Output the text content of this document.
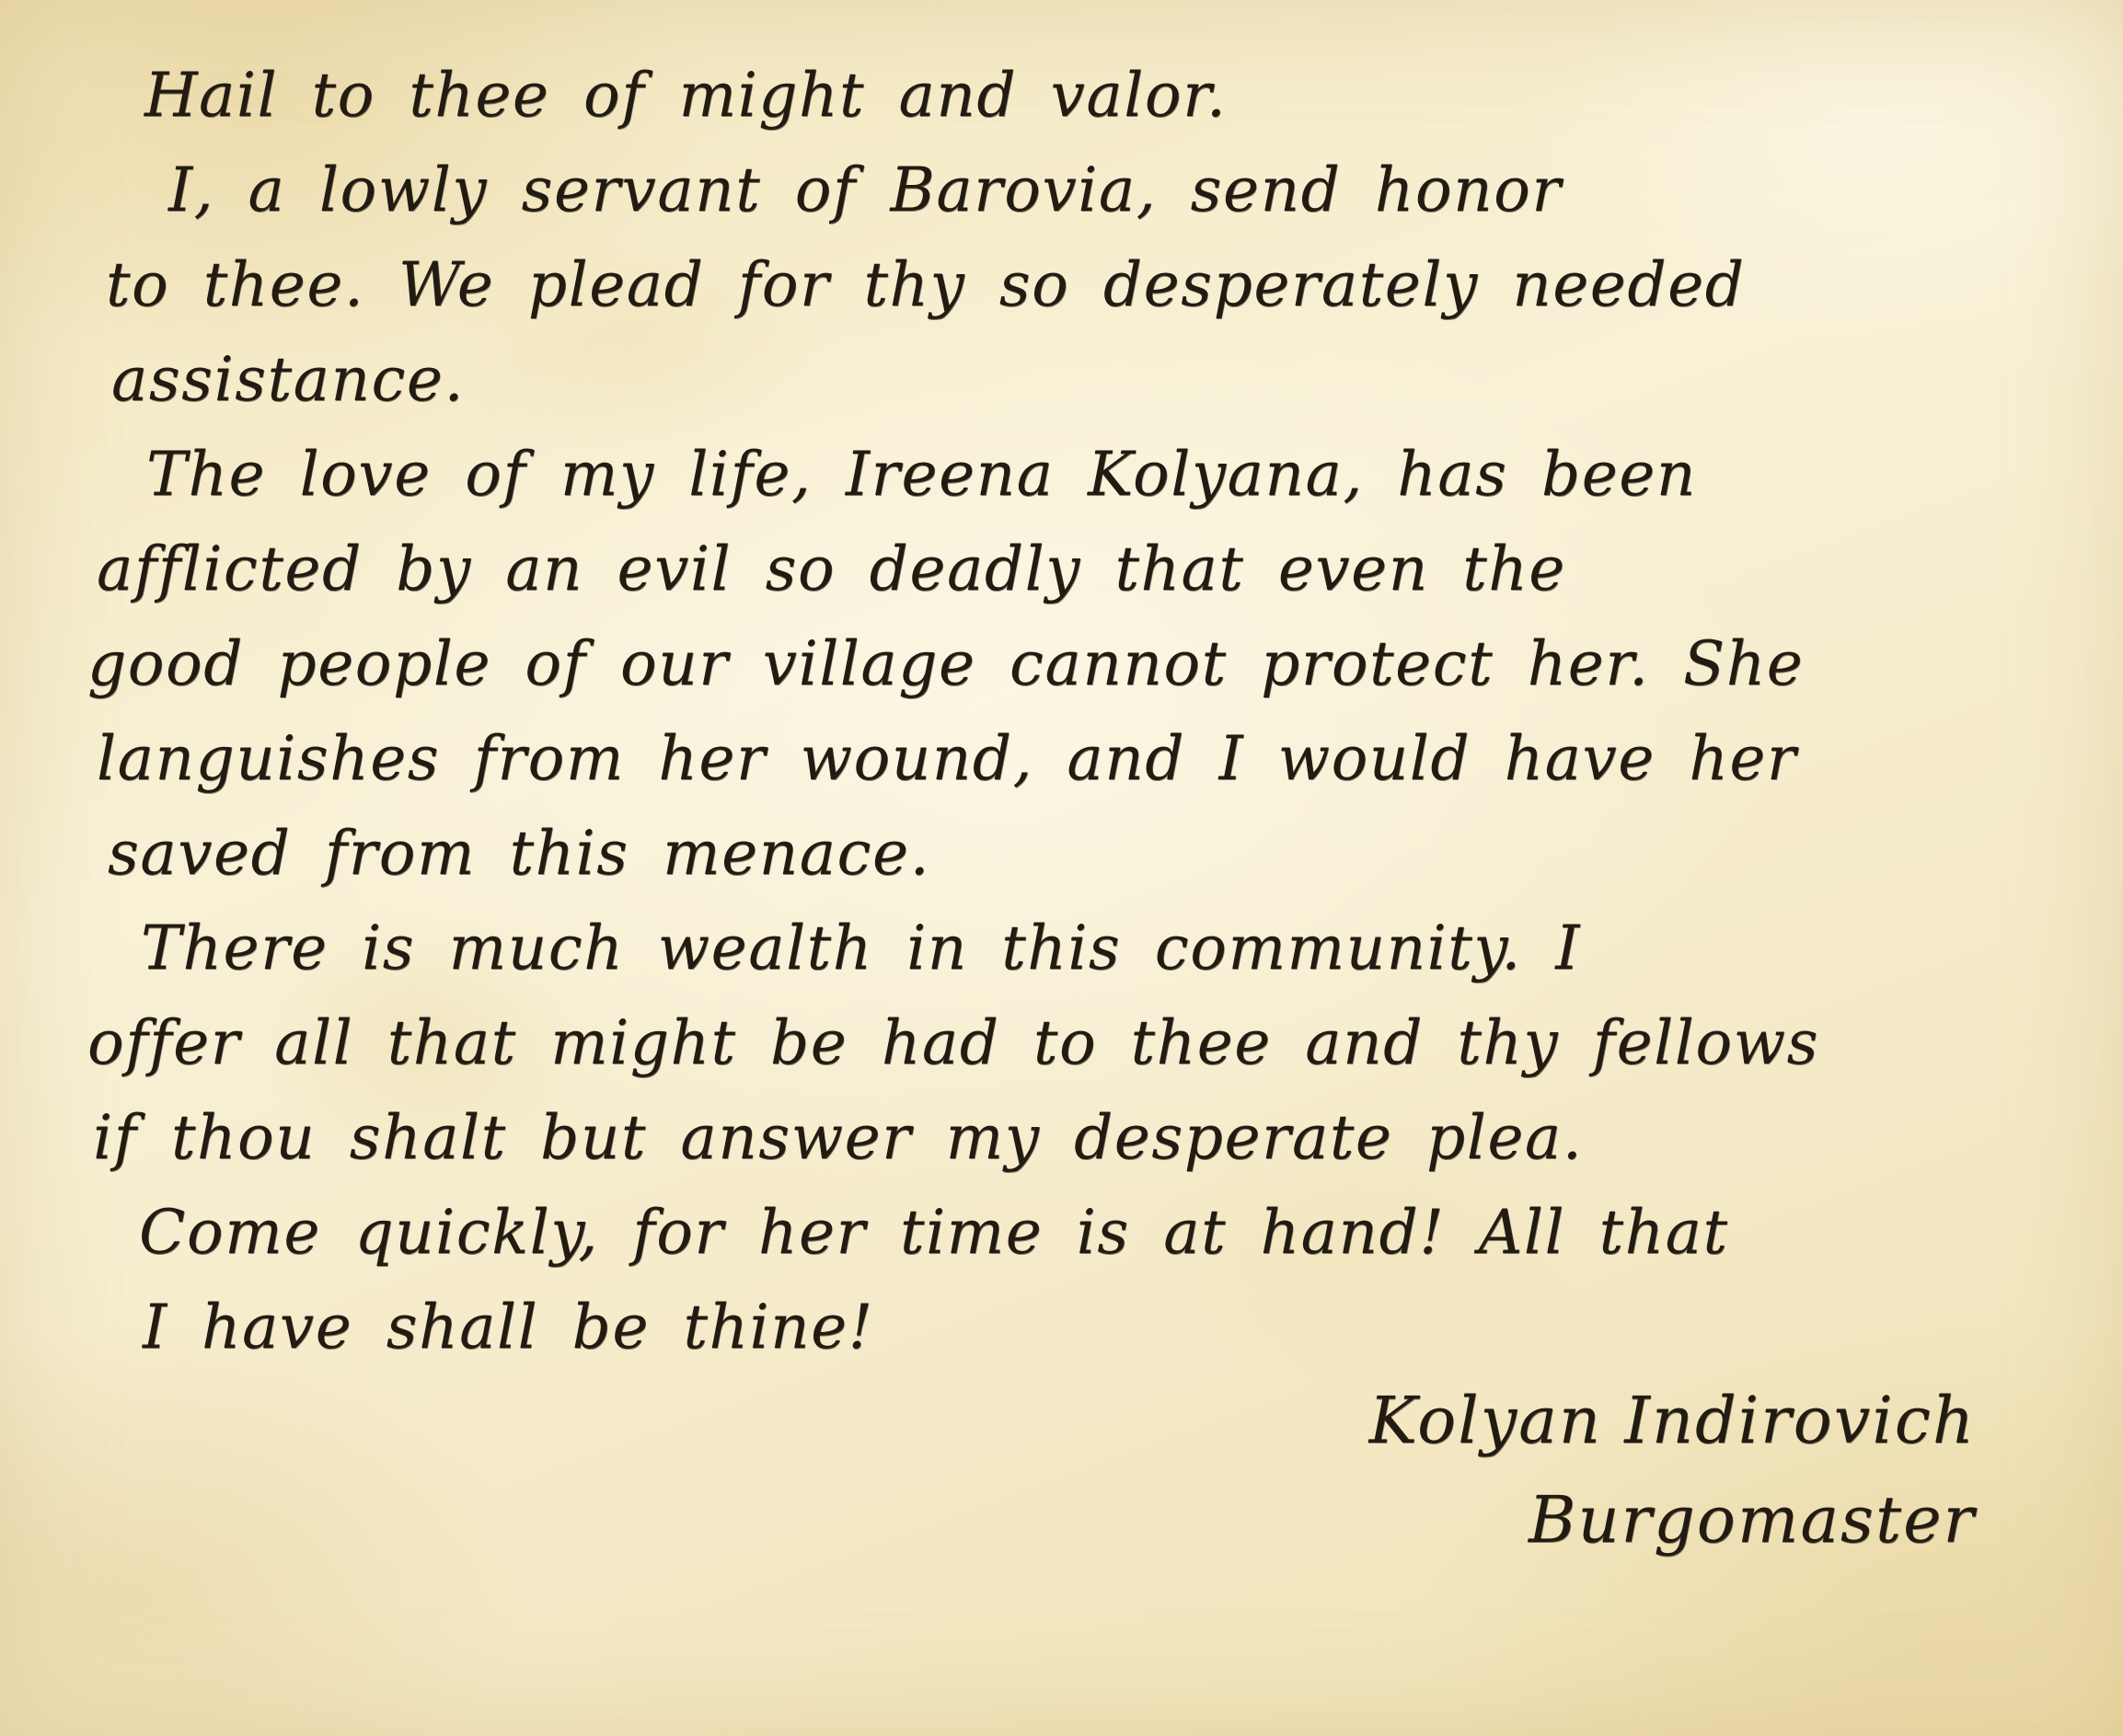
Hail to thee of might and valor.
I, a lowly servant of Barovia, send honor
to thee. We plead for thy so desperately needed
assistance.
The love of my life, Ireena Kolyana, has been
afflicted by an evil so deadly that even the
good people of our village cannot protect her. She
languishes from her wound, and I would have her
saved from this menace.
There is much wealth in this community. I
offer all that might be had to thee and thy fellows
if thou shalt but answer my desperate plea.
Come quickly, for her time is at hand! All that
I have shall be thine!
Kolyan Indirovich
Burgomaster
